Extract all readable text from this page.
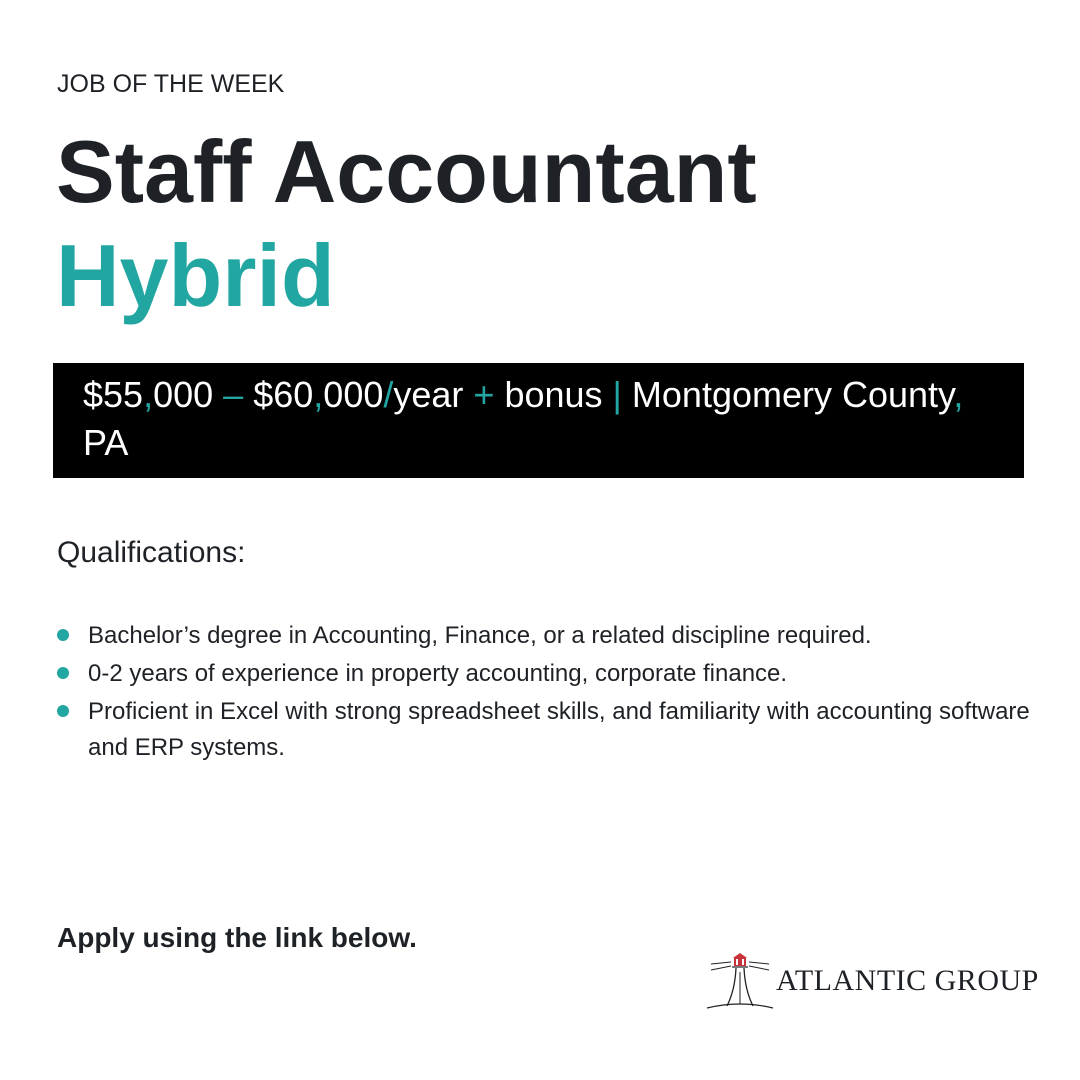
JOB OF THE WEEK
Staff Accountant
Hybrid
$55,000 – $60,000/year + bonus | Montgomery County, PA
Qualifications:
Bachelor’s degree in Accounting, Finance, or a related discipline required.
0-2 years of experience in property accounting, corporate finance.
Proficient in Excel with strong spreadsheet skills, and familiarity with accounting software and ERP systems.
Apply using the link below.
ATLANTIC GROUP
